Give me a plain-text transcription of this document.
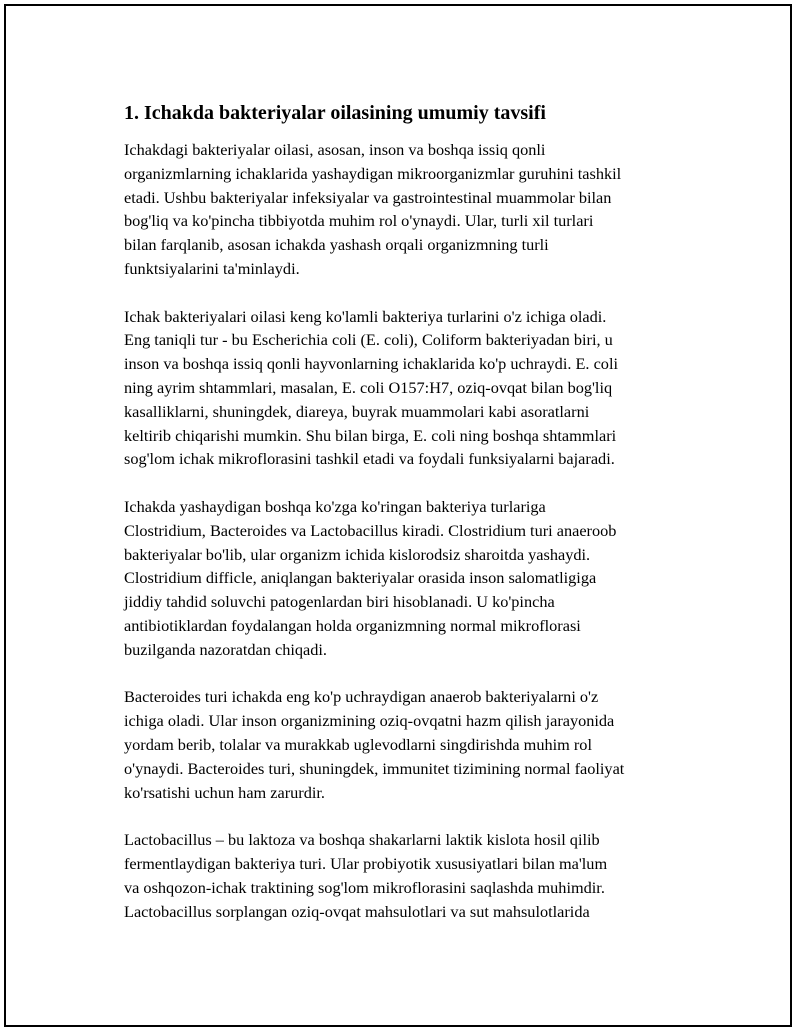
1. Ichakda bakteriyalar oilasining umumiy tavsifi

Ichakdagi bakteriyalar oilasi, asosan, inson va boshqa issiq qonli
organizmlarning ichaklarida yashaydigan mikroorganizmlar guruhini tashkil
etadi. Ushbu bakteriyalar infeksiyalar va gastrointestinal muammolar bilan
bog'liq va ko'pincha tibbiyotda muhim rol o'ynaydi. Ular, turli xil turlari
bilan farqlanib, asosan ichakda yashash orqali organizmning turli
funktsiyalarini ta'minlaydi.

Ichak bakteriyalari oilasi keng ko'lamli bakteriya turlarini o'z ichiga oladi.
Eng taniqli tur - bu Escherichia coli (E. coli), Coliform bakteriyadan biri, u
inson va boshqa issiq qonli hayvonlarning ichaklarida ko'p uchraydi. E. coli
ning ayrim shtammlari, masalan, E. coli O157:H7, oziq-ovqat bilan bog'liq
kasalliklarni, shuningdek, diareya, buyrak muammolari kabi asoratlarni
keltirib chiqarishi mumkin. Shu bilan birga, E. coli ning boshqa shtammlari
sog'lom ichak mikroflorasini tashkil etadi va foydali funksiyalarni bajaradi.

Ichakda yashaydigan boshqa ko'zga ko'ringan bakteriya turlariga
Clostridium, Bacteroides va Lactobacillus kiradi. Clostridium turi anaeroob
bakteriyalar bo'lib, ular organizm ichida kislorodsiz sharoitda yashaydi.
Clostridium difficle, aniqlangan bakteriyalar orasida inson salomatligiga
jiddiy tahdid soluvchi patogenlardan biri hisoblanadi. U ko'pincha
antibiotiklardan foydalangan holda organizmning normal mikroflorasi
buzilganda nazoratdan chiqadi.

Bacteroides turi ichakda eng ko'p uchraydigan anaerob bakteriyalarni o'z
ichiga oladi. Ular inson organizmining oziq-ovqatni hazm qilish jarayonida
yordam berib, tolalar va murakkab uglevodlarni singdirishda muhim rol
o'ynaydi. Bacteroides turi, shuningdek, immunitet tizimining normal faoliyat
ko'rsatishi uchun ham zarurdir.

Lactobacillus – bu laktoza va boshqa shakarlarni laktik kislota hosil qilib
fermentlaydigan bakteriya turi. Ular probiyotik xususiyatlari bilan ma'lum
va oshqozon-ichak traktining sog'lom mikroflorasini saqlashda muhimdir.
Lactobacillus sorplangan oziq-ovqat mahsulotlari va sut mahsulotlarida
